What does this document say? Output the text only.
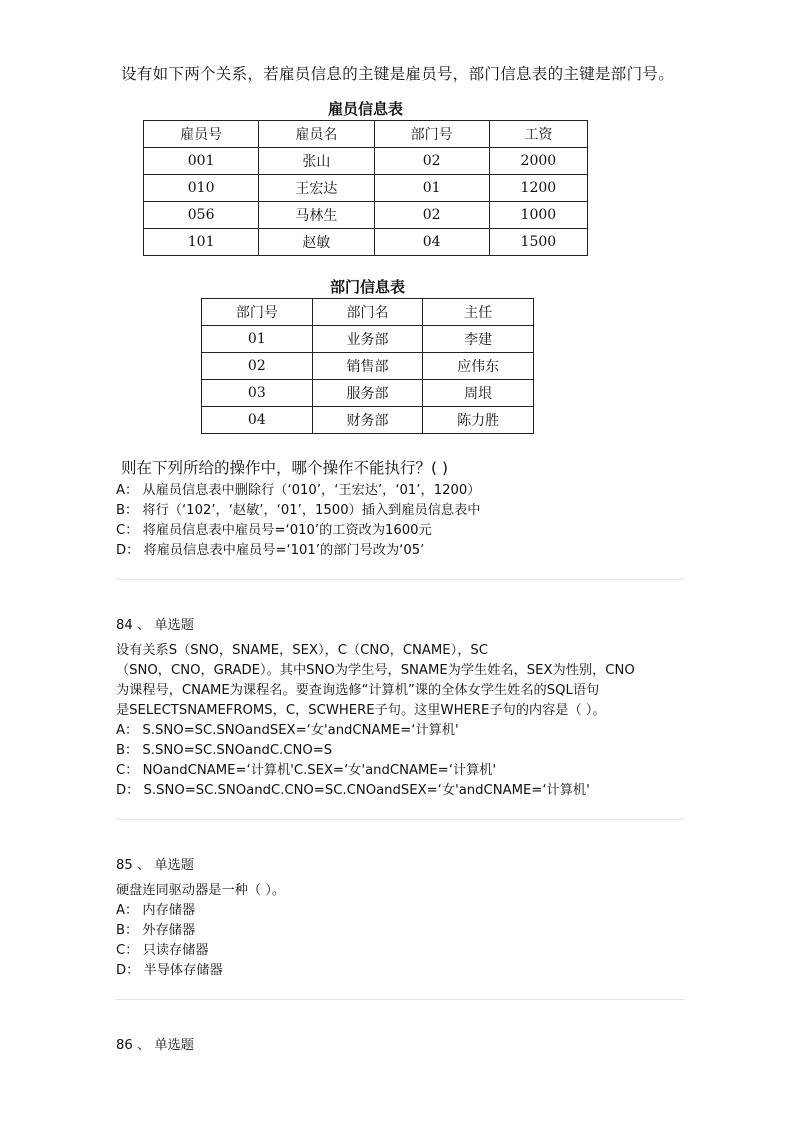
设有如下两个关系，若雇员信息的主键是雇员号，部门信息表的主键是部门号。
雇员信息表
雇员号	雇员名	部门号	工资
001	张山	02	2000
010	王宏达	01	1200
056	马林生	02	1000
101	赵敏	04	1500
部门信息表
部门号	部门名	主任
01	业务部	李建
02	销售部	应伟东
03	服务部	周垠
04	财务部	陈力胜
则在下列所给的操作中，哪个操作不能执行？( )
A： 从雇员信息表中删除行（‘010’，‘王宏达’，‘01’，1200）
B： 将行（‘102’，‘赵敏’，‘01’，1500）插入到雇员信息表中
C： 将雇员信息表中雇员号=‘010’的工资改为1600元
D： 将雇员信息表中雇员号=‘101’的部门号改为‘05’
84 、 单选题
设有关系S（SNO，SNAME，SEX），C（CNO，CNAME），SC
（SNO，CNO，GRADE）。其中SNO为学生号，SNAME为学生姓名，SEX为性别，CNO
为课程号，CNAME为课程名。要查询选修“计算机”课的全体女学生姓名的SQL语句
是SELECTSNAMEFROMS，C，SCWHERE子句。这里WHERE子句的内容是（ ）。
A： S.SNO=SC.SNOandSEX=‘女'andCNAME=‘计算机'
B： S.SNO=SC.SNOandC.CNO=S
C： NOandCNAME=‘计算机'C.SEX=‘女'andCNAME=‘计算机'
D： S.SNO=SC.SNOandC.CNO=SC.CNOandSEX=‘女'andCNAME=‘计算机'
85 、 单选题
硬盘连同驱动器是一种（ ）。
A： 内存储器
B： 外存储器
C： 只读存储器
D： 半导体存储器
86 、 单选题
